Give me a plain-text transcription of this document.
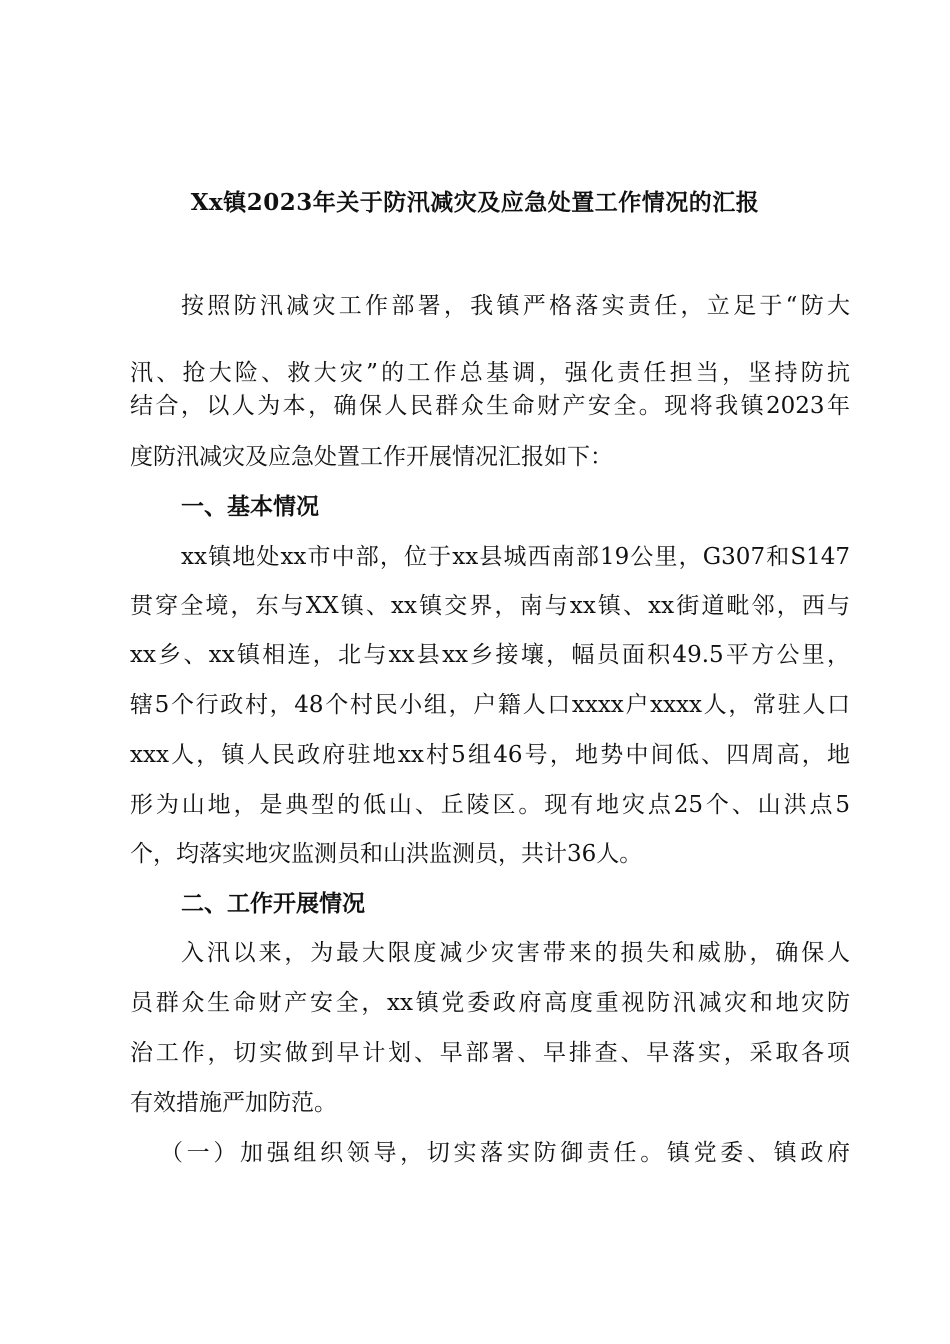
Xx镇2023年关于防汛减灾及应急处置工作情况的汇报
按照防汛减灾工作部署，我镇严格落实责任，立足于“防大
汛、抢大险、救大灾”的工作总基调，强化责任担当，坚持防抗
结合，以人为本，确保人民群众生命财产安全。现将我镇2023年
度防汛减灾及应急处置工作开展情况汇报如下：
一、基本情况
xx镇地处xx市中部，位于xx县城西南部19公里，G307和S147
贯穿全境，东与XX镇、xx镇交界，南与xx镇、xx街道毗邻，西与
xx乡、xx镇相连，北与xx县xx乡接壤，幅员面积49.5平方公里，
辖5个行政村，48个村民小组，户籍人口xxxx户xxxx人，常驻人口
xxx人，镇人民政府驻地xx村5组46号，地势中间低、四周高，地
形为山地，是典型的低山、丘陵区。现有地灾点25个、山洪点5
个，均落实地灾监测员和山洪监测员，共计36人。
二、工作开展情况
入汛以来，为最大限度减少灾害带来的损失和威胁，确保人
员群众生命财产安全，xx镇党委政府高度重视防汛减灾和地灾防
治工作，切实做到早计划、早部署、早排查、早落实，采取各项
有效措施严加防范。
（一）加强组织领导，切实落实防御责任。镇党委、镇政府
